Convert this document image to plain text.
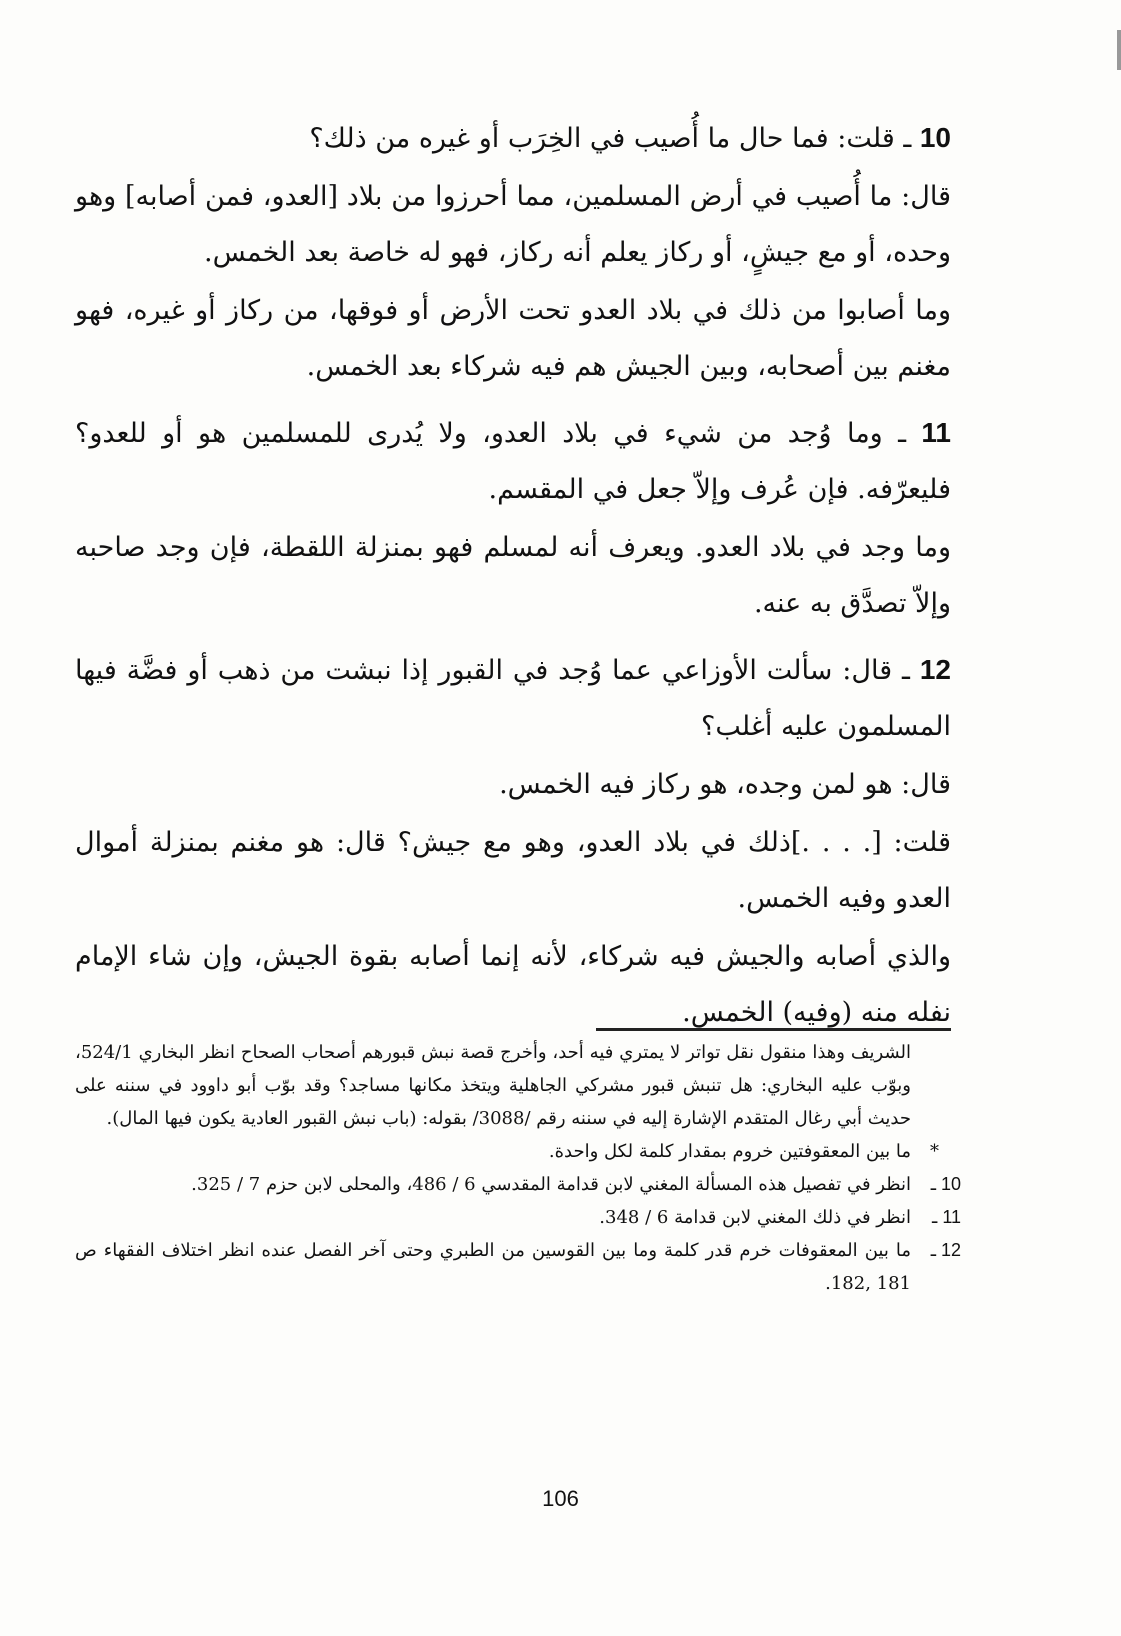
10 ـ قلت: فما حال ما أُصيب في الخِرَب أو غيره من ذلك؟

قال: ما أُصيب في أرض المسلمين، مما أحرزوا من بلاد [العدو، فمن أصابه] وهو وحده، أو مع جيشٍ، أو ركاز يعلم أنه ركاز، فهو له خاصة بعد الخمس.

وما أصابوا من ذلك في بلاد العدو تحت الأرض أو فوقها، من ركاز أو غيره، فهو مغنم بين أصحابه، وبين الجيش هم فيه شركاء بعد الخمس.

11 ـ وما وُجد من شيء في بلاد العدو، ولا يُدرى للمسلمين هو أو للعدو؟ فليعرّفه. فإن عُرف وإلاّ جعل في المقسم.

وما وجد في بلاد العدو. ويعرف أنه لمسلم فهو بمنزلة اللقطة، فإن وجد صاحبه وإلاّ تصدَّق به عنه.

12 ـ قال: سألت الأوزاعي عما وُجد في القبور إذا نبشت من ذهب أو فضَّة فيها المسلمون عليه أغلب؟

قال: هو لمن وجده، هو ركاز فيه الخمس.

قلت: [. . . .]ذلك في بلاد العدو، وهو مع جيش؟ قال: هو مغنم بمنزلة أموال العدو وفيه الخمس.

والذي أصابه والجيش فيه شركاء، لأنه إنما أصابه بقوة الجيش، وإن شاء الإمام نفله منه (وفيه) الخمس.

الشريف وهذا منقول نقل تواتر لا يمتري فيه أحد، وأخرج قصة نبش قبورهم أصحاب الصحاح انظر البخاري 524/1، وبوّب عليه البخاري: هل تنبش قبور مشركي الجاهلية ويتخذ مكانها مساجد؟ وقد بوّب أبو داوود في سننه على حديث أبي رغال المتقدم الإشارة إليه في سننه رقم /3088/ بقوله: (باب نبش القبور العادية يكون فيها المال).

*
ما بين المعقوفتين خروم بمقدار كلمة لكل واحدة.
10 ـ
انظر في تفصيل هذه المسألة المغني لابن قدامة المقدسي 6 / 486، والمحلى لابن حزم 7 / 325.
11 ـ
انظر في ذلك المغني لابن قدامة 6 / 348.
12 ـ
ما بين المعقوفات خرم قدر كلمة وما بين القوسين من الطبري وحتى آخر الفصل عنده انظر اختلاف الفقهاء ص 181 ,182.
106
